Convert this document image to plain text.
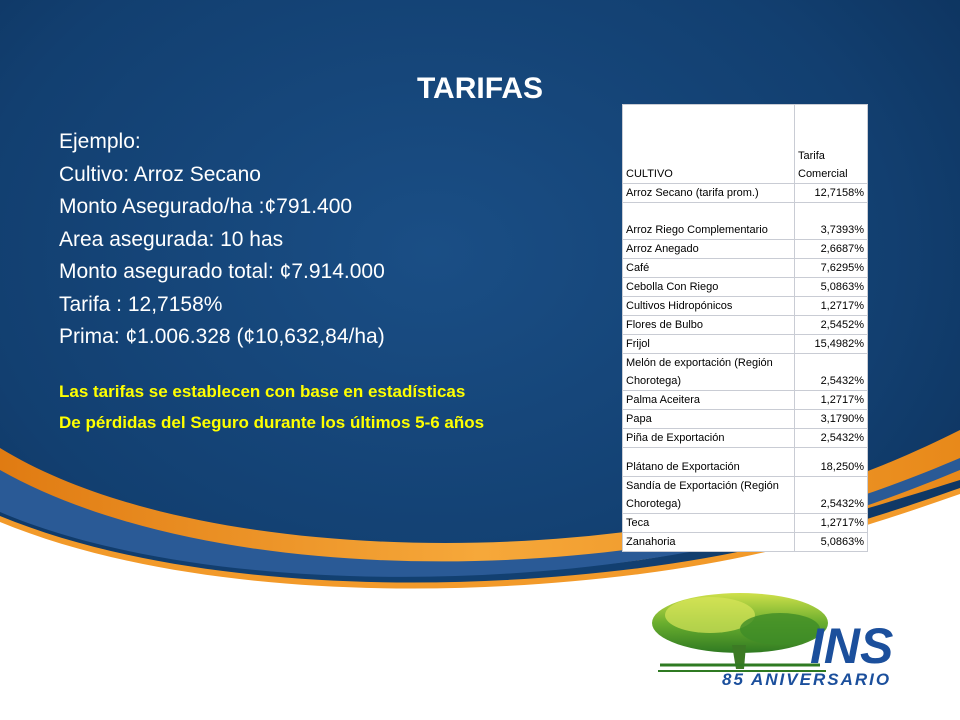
TARIFAS
Ejemplo:
Cultivo: Arroz Secano
Monto Asegurado/ha :¢791.400
Area asegurada: 10 has
Monto asegurado total: ¢7.914.000
Tarifa : 12,7158%
Prima: ¢1.006.328 (¢10,632,84/ha)
Las tarifas se establecen con base en estadísticas
De pérdidas del Seguro durante los últimos 5-6 años
CULTIVO	Tarifa Comercial
Arroz Secano (tarifa prom.)	12,7158%
Arroz Riego Complementario	3,7393%
Arroz Anegado	2,6687%
Café	7,6295%
Cebolla Con Riego	5,0863%
Cultivos Hidropónicos	1,2717%
Flores de Bulbo	2,5452%
Frijol	15,4982%
Melón de exportación (Región Chorotega)	2,5432%
Palma Aceitera	1,2717%
Papa	3,1790%
Piña de Exportación	2,5432%
Plátano de Exportación	18,250%
Sandía de Exportación (Región Chorotega)	2,5432%
Teca	1,2717%
Zanahoria	5,0863%
INS
85 ANIVERSARIO
